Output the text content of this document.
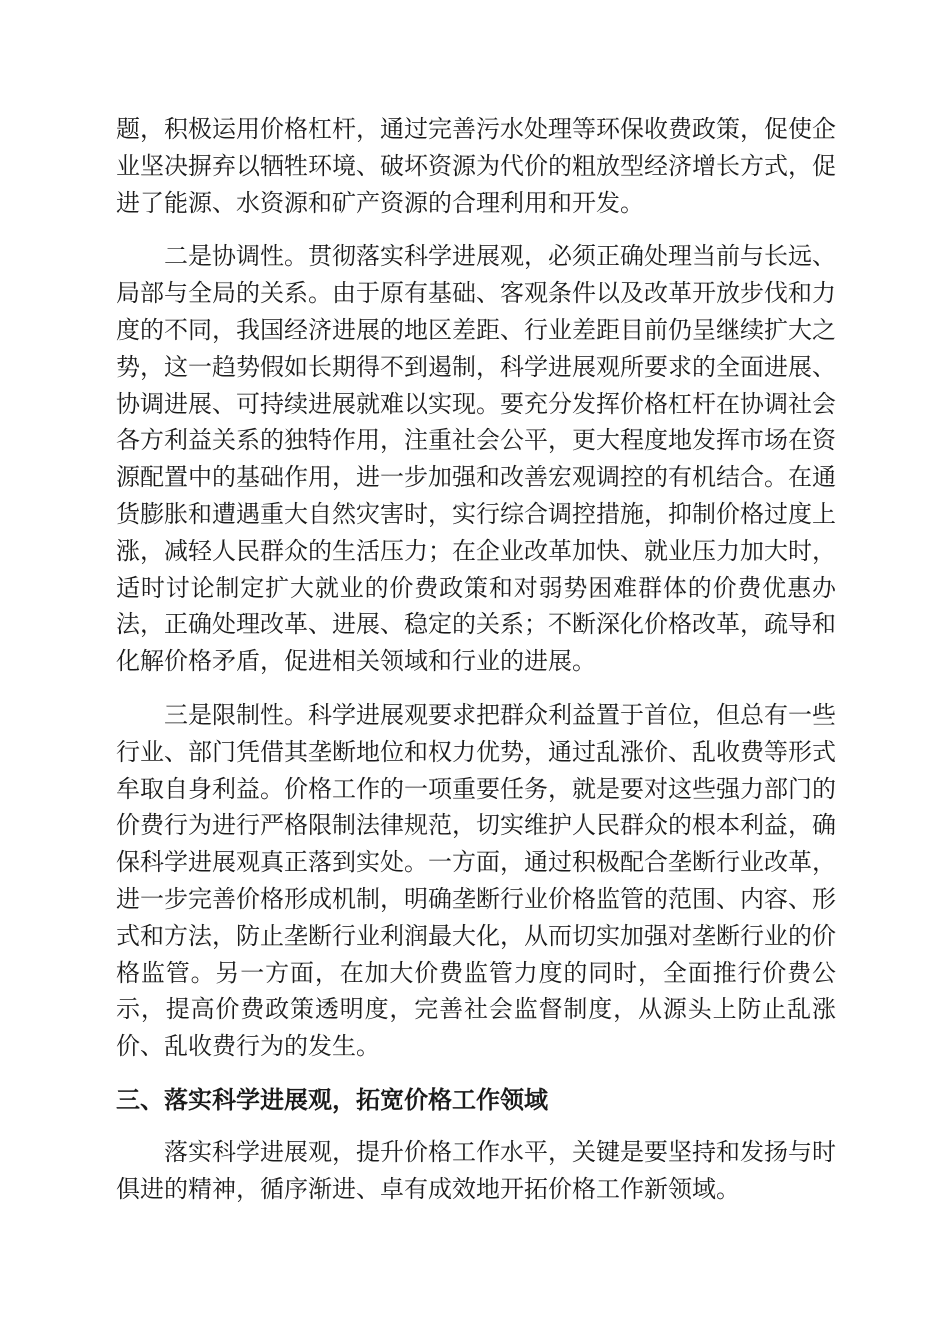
题，积极运用价格杠杆，通过完善污水处理等环保收费政策，促使企业坚决摒弃以牺牲环境、破坏资源为代价的粗放型经济增长方式，促进了能源、水资源和矿产资源的合理利用和开发。

二是协调性。贯彻落实科学进展观，必须正确处理当前与长远、局部与全局的关系。由于原有基础、客观条件以及改革开放步伐和力度的不同，我国经济进展的地区差距、行业差距目前仍呈继续扩大之势，这一趋势假如长期得不到遏制，科学进展观所要求的全面进展、协调进展、可持续进展就难以实现。要充分发挥价格杠杆在协调社会各方利益关系的独特作用，注重社会公平，更大程度地发挥市场在资源配置中的基础作用，进一步加强和改善宏观调控的有机结合。在通货膨胀和遭遇重大自然灾害时，实行综合调控措施，抑制价格过度上涨，减轻人民群众的生活压力；在企业改革加快、就业压力加大时，适时讨论制定扩大就业的价费政策和对弱势困难群体的价费优惠办法，正确处理改革、进展、稳定的关系；不断深化价格改革，疏导和化解价格矛盾，促进相关领域和行业的进展。

三是限制性。科学进展观要求把群众利益置于首位，但总有一些行业、部门凭借其垄断地位和权力优势，通过乱涨价、乱收费等形式牟取自身利益。价格工作的一项重要任务，就是要对这些强力部门的价费行为进行严格限制法律规范，切实维护人民群众的根本利益，确保科学进展观真正落到实处。一方面，通过积极配合垄断行业改革，进一步完善价格形成机制，明确垄断行业价格监管的范围、内容、形式和方法，防止垄断行业利润最大化，从而切实加强对垄断行业的价格监管。另一方面，在加大价费监管力度的同时，全面推行价费公示，提高价费政策透明度，完善社会监督制度，从源头上防止乱涨价、乱收费行为的发生。

三、落实科学进展观，拓宽价格工作领域

落实科学进展观，提升价格工作水平，关键是要坚持和发扬与时俱进的精神，循序渐进、卓有成效地开拓价格工作新领域。
